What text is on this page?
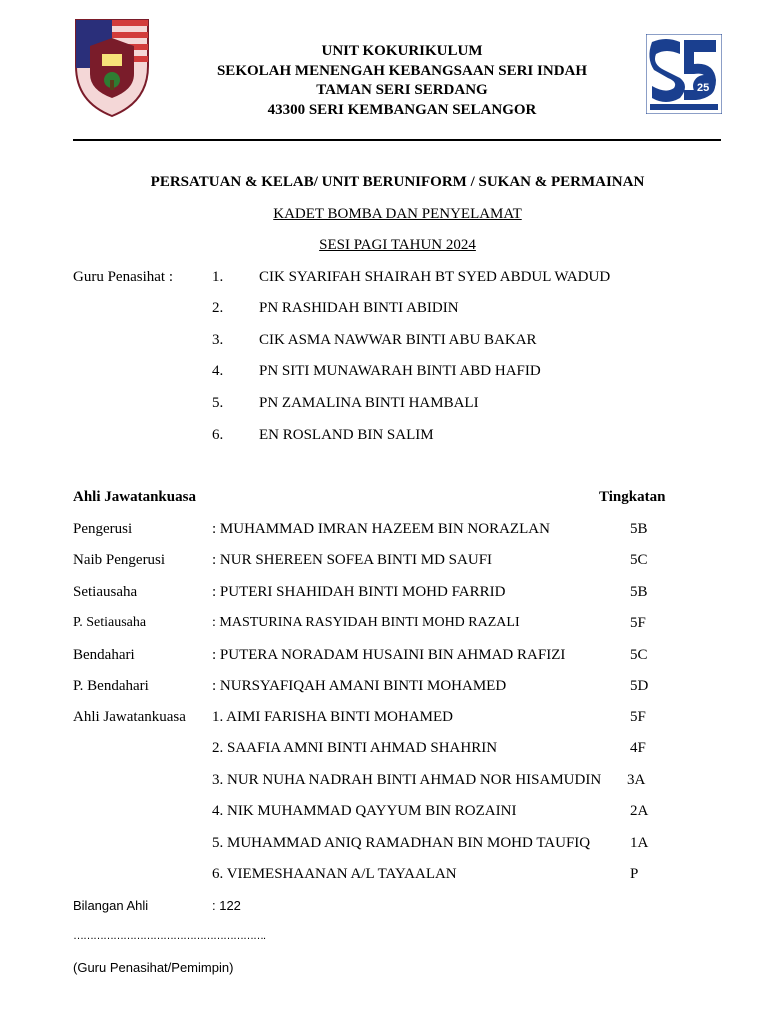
25
UNIT KOKURIKULUM
SEKOLAH MENENGAH KEBANGSAAN SERI INDAH
TAMAN SERI SERDANG
43300 SERI KEMBANGAN SELANGOR
PERSATUAN & KELAB/ UNIT BERUNIFORM / SUKAN & PERMAINAN
KADET BOMBA DAN PENYELAMAT
SESI PAGI TAHUN 2024
Guru Penasihat :	1. CIK SYARIFAH SHAIRAH BT SYED ABDUL WADUD
2. PN RASHIDAH BINTI ABIDIN
3. CIK ASMA NAWWAR BINTI ABU BAKAR
4. PN SITI MUNAWARAH BINTI ABD HAFID
5. PN ZAMALINA BINTI HAMBALI
6. EN ROSLAND BIN SALIM
Ahli Jawatankuasa	Tingkatan
Pengerusi	: MUHAMMAD IMRAN HAZEEM BIN NORAZLAN	5B
Naib Pengerusi	: NUR SHEREEN SOFEA BINTI MD SAUFI	5C
Setiausaha	: PUTERI SHAHIDAH BINTI MOHD FARRID	5B
P. Setiausaha	: MASTURINA RASYIDAH BINTI MOHD RAZALI	5F
Bendahari	: PUTERA NORADAM HUSAINI BIN AHMAD RAFIZI	5C
P. Bendahari	: NURSYAFIQAH AMANI BINTI MOHAMED	5D
Ahli Jawatankuasa 1. AIMI FARISHA BINTI MOHAMED	5F
2. SAAFIA AMNI BINTI AHMAD SHAHRIN	4F
3. NUR NUHA NADRAH BINTI AHMAD NOR HISAMUDIN 3A
4. NIK MUHAMMAD QAYYUM BIN ROZAINI	2A
5. MUHAMMAD ANIQ RAMADHAN BIN MOHD TAUFIQ	1A
6. VIEMESHAANAN A/L TAYAALAN	P
Bilangan Ahli	: 122
………………………………………………….
(Guru Penasihat/Pemimpin)
